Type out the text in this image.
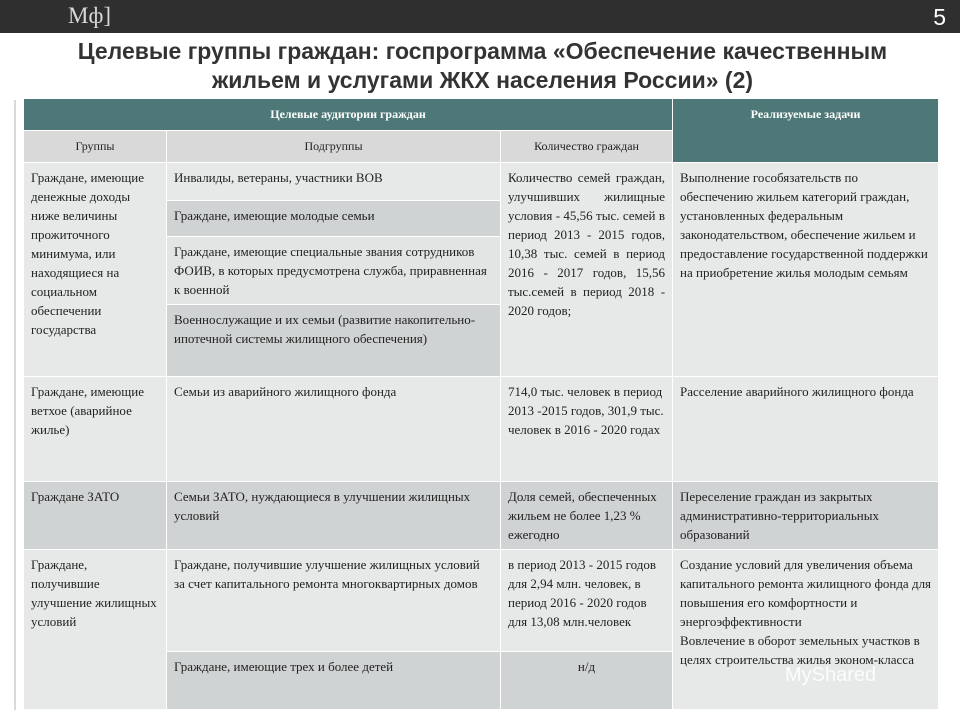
Мф]	5
Целевые группы граждан: госпрограмма «Обеспечение качественным
жильем и услугами ЖКХ населения России» (2)
Целевые аудитории граждан			Реализуемые задачи
Группы	Подгруппы	Количество граждан	
Граждане, имеющие денежные доходы ниже величины прожиточного минимума, или находящиеся на социальном обеспечении государства	Инвалиды, ветераны, участники ВОВ	Количество семей граждан, улучшивших жилищные условия - 45,56 тыс. семей в период 2013 - 2015 годов, 10,38 тыс. семей в период 2016 - 2017 годов, 15,56 тыс.семей в период 2018 - 2020 годов;	Выполнение гособязательств по обеспечению жильем категорий граждан, установленных федеральным законодательством, обеспечение жильем и предоставление государственной поддержки на приобретение жилья молодым семьям
	Граждане, имеющие молодые семьи		
	Граждане, имеющие специальные звания сотрудников ФОИВ, в которых предусмотрена служба, приравненная к военной		
	Военнослужащие и их семьи (развитие накопительно-ипотечной системы жилищного обеспечения)		
Граждане, имеющие ветхое (аварийное жилье)	Семьи из аварийного жилищного фонда	714,0 тыс. человек в период 2013 -2015 годов, 301,9 тыс. человек в 2016 - 2020 годах	Расселение аварийного жилищного фонда
Граждане ЗАТО	Семьи ЗАТО, нуждающиеся в улучшении жилищных условий	Доля семей, обеспеченных жильем не более 1,23 % ежегодно	Переселение граждан из закрытых административно-территориальных образований
Граждане, получившие улучшение жилищных условий	Граждане, получившие улучшение жилищных условий за счет капитального ремонта многоквартирных домов	в период 2013 - 2015 годов для 2,94 млн. человек, в период 2016 - 2020 годов для 13,08 млн.человек	Создание условий для увеличения объема капитального ремонта жилищного фонда для повышения его комфортности и энергоэффективности
Вовлечение в оборот земельных участков в целях строительства жилья эконом-класса

	Граждане, имеющие трех и более детей	н/д		MyShared
